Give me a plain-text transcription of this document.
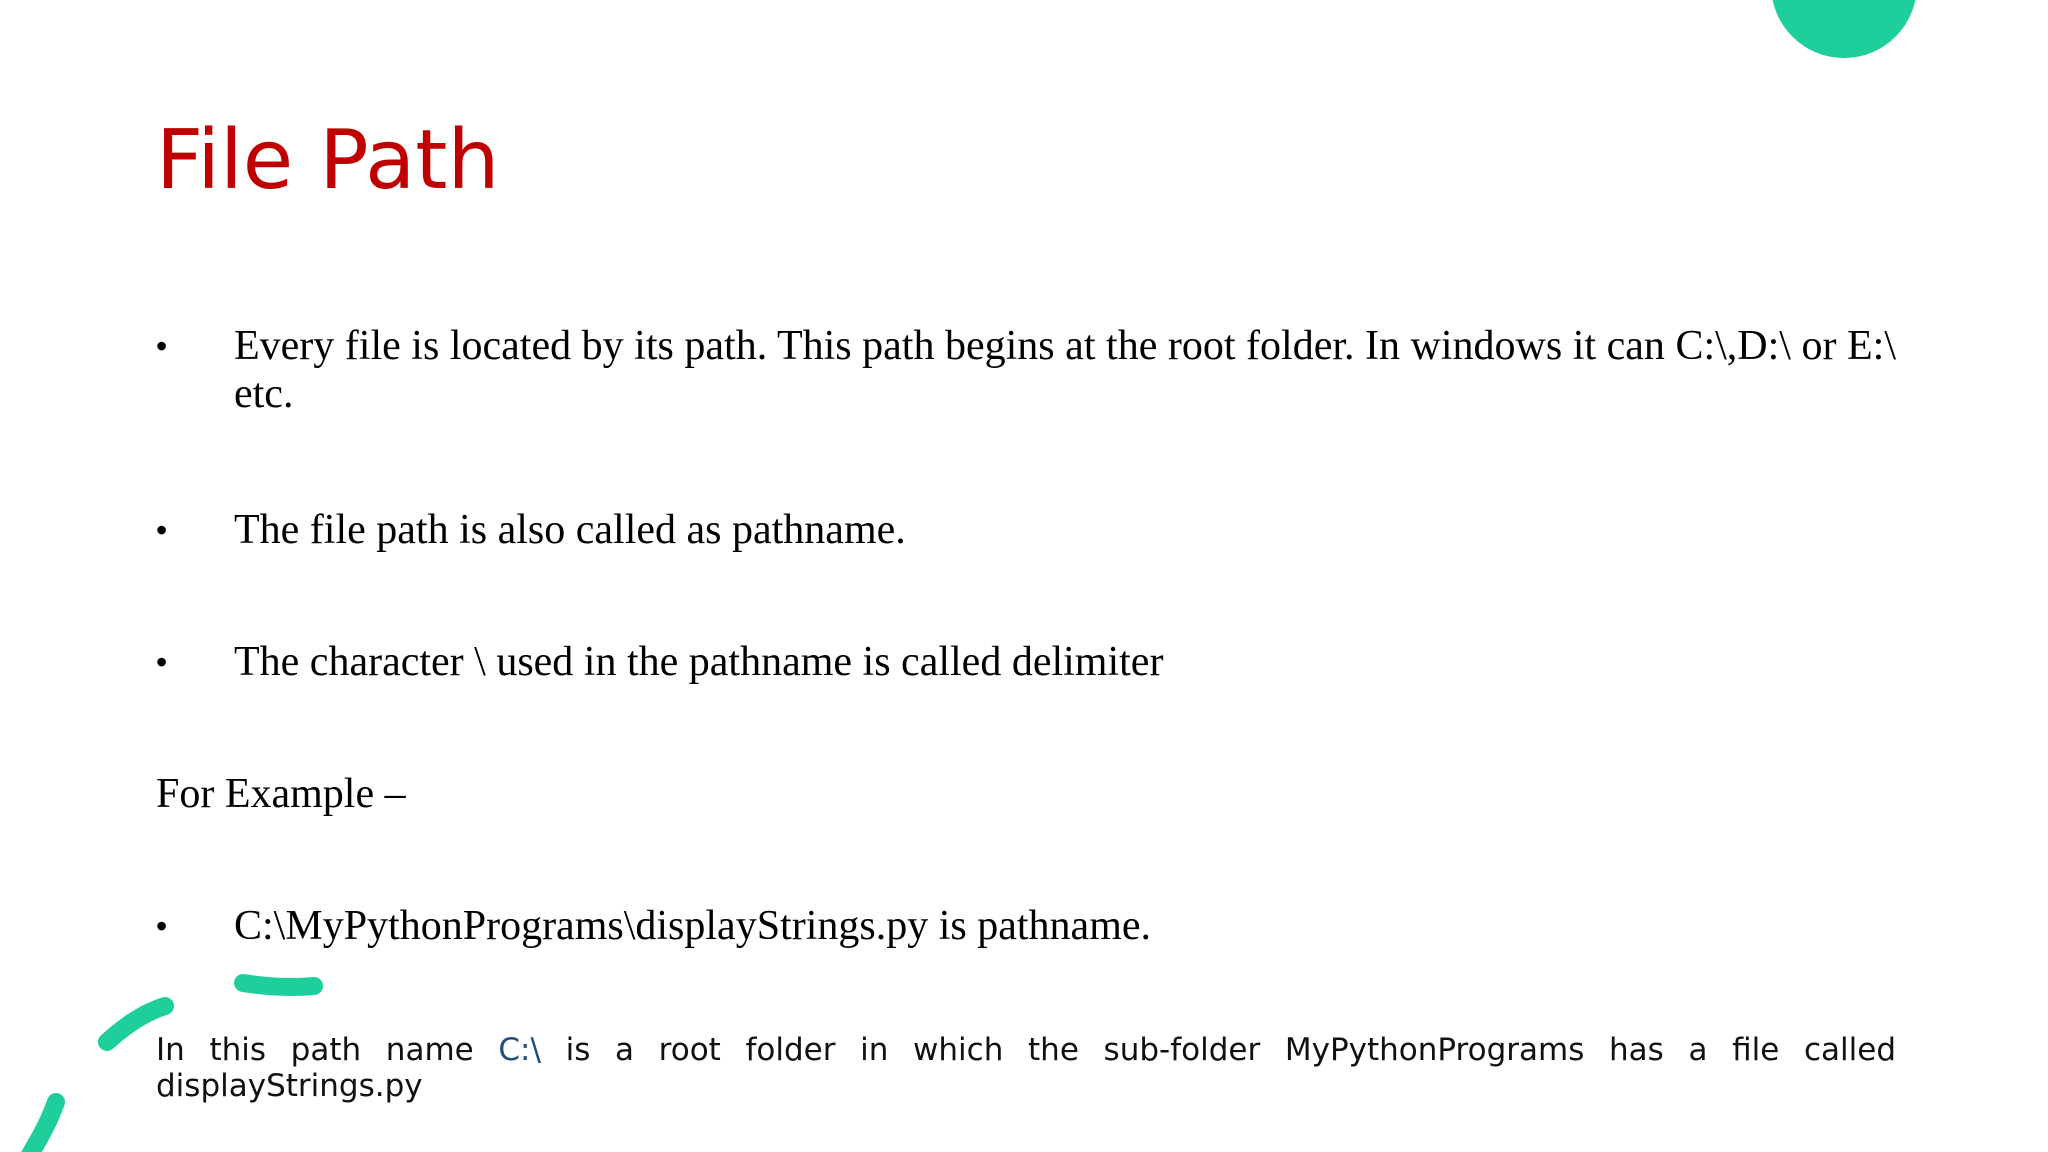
File Path
•	Every file is located by its path. This path begins at the root folder. In windows it can C:\,D:\ or E:\ etc.
•	The file path is also called as pathname.
•	The character \ used in the pathname is called delimiter
For Example –
•	C:\MyPythonPrograms\displayStrings.py is pathname.
In this path name C:\ is a root folder in which the sub-folder MyPythonPrograms has a file called displayStrings.py
